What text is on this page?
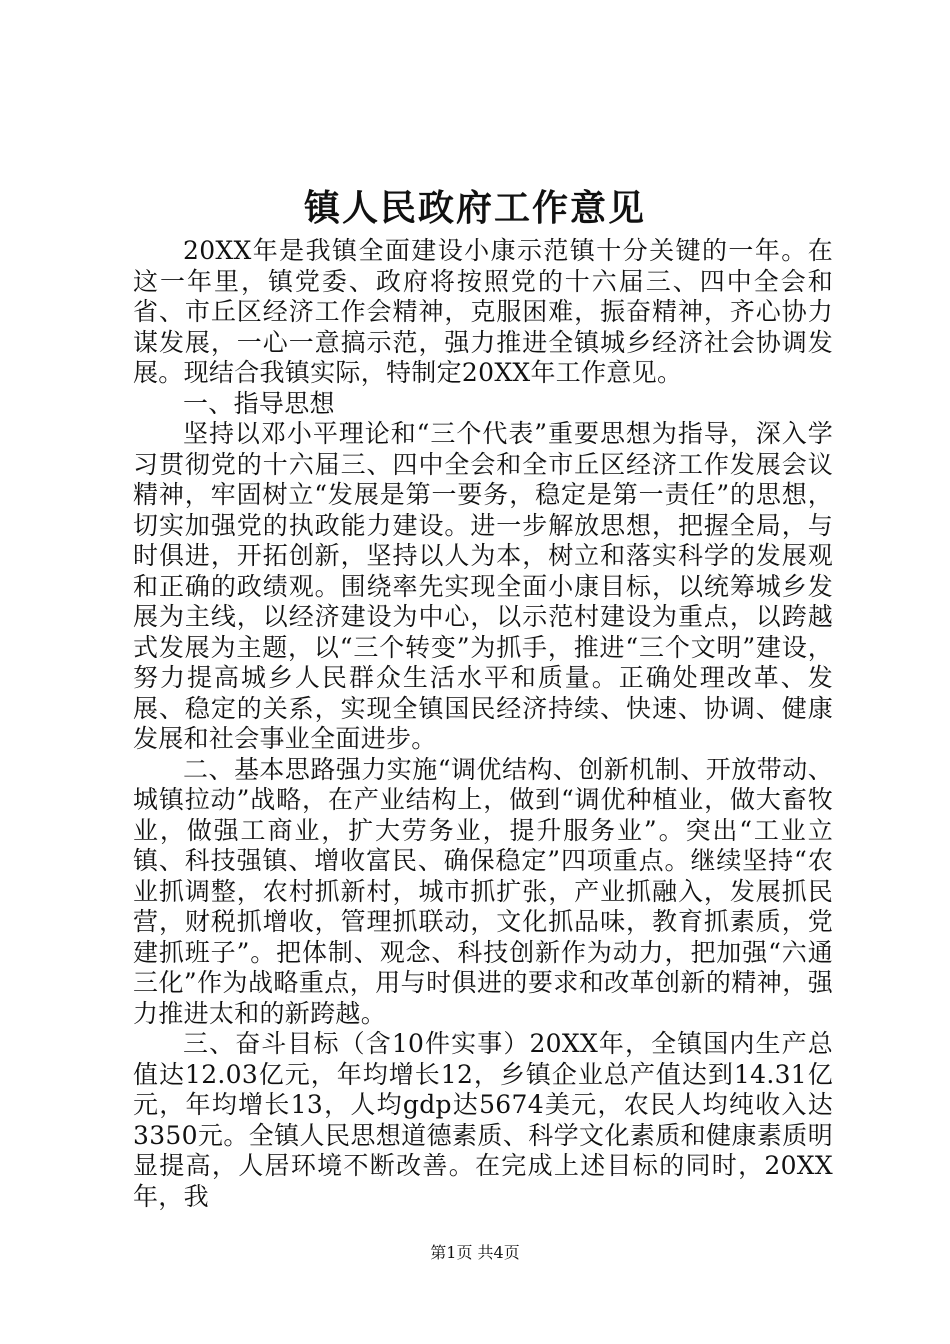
镇人民政府工作意见

20XX年是我镇全面建设小康示范镇十分关键的一年。在这一年里，镇党委、政府将按照党的十六届三、四中全会和省、市丘区经济工作会精神，克服困难，振奋精神，齐心协力谋发展，一心一意搞示范，强力推进全镇城乡经济社会协调发展。现结合我镇实际，特制定20XX年工作意见。

一、指导思想

坚持以邓小平理论和“三个代表”重要思想为指导，深入学习贯彻党的十六届三、四中全会和全市丘区经济工作发展会议精神，牢固树立“发展是第一要务，稳定是第一责任”的思想，切实加强党的执政能力建设。进一步解放思想，把握全局，与时俱进，开拓创新，坚持以人为本，树立和落实科学的发展观和正确的政绩观。围绕率先实现全面小康目标，以统筹城乡发展为主线，以经济建设为中心，以示范村建设为重点，以跨越式发展为主题，以“三个转变”为抓手，推进“三个文明”建设，努力提高城乡人民群众生活水平和质量。正确处理改革、发展、稳定的关系，实现全镇国民经济持续、快速、协调、健康发展和社会事业全面进步。

二、基本思路强力实施“调优结构、创新机制、开放带动、城镇拉动”战略，在产业结构上，做到“调优种植业，做大畜牧业，做强工商业，扩大劳务业，提升服务业”。突出“工业立镇、科技强镇、增收富民、确保稳定”四项重点。继续坚持“农业抓调整，农村抓新村，城市抓扩张，产业抓融入，发展抓民营，财税抓增收，管理抓联动，文化抓品味，教育抓素质，党建抓班子”。把体制、观念、科技创新作为动力，把加强“六通三化”作为战略重点，用与时俱进的要求和改革创新的精神，强力推进太和的新跨越。

三、奋斗目标（含10件实事）20XX年，全镇国内生产总值达12.03亿元，年均增长12，乡镇企业总产值达到14.31亿元，年均增长13，人均gdp达5674美元，农民人均纯收入达3350元。全镇人民思想道德素质、科学文化素质和健康素质明显提高，人居环境不断改善。在完成上述目标的同时，20XX年，我

第1页 共4页
